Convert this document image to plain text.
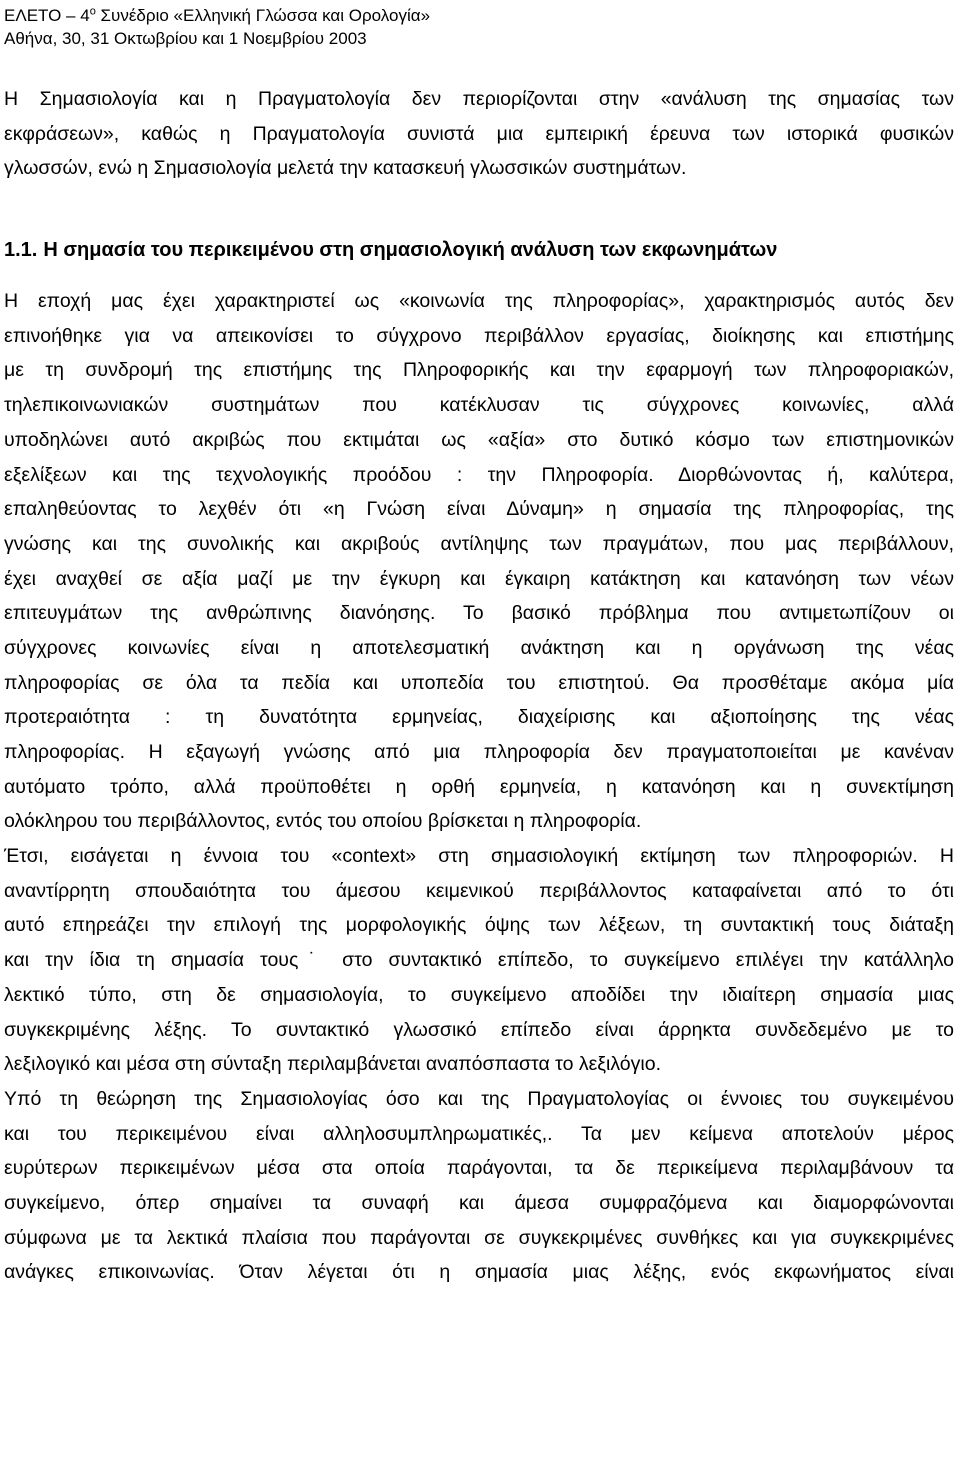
ΕΛΕΤΟ – $4^o$ Συνέδριο «Ελληνική Γλώσσα και Ορολογία»
Αθήνα, 30, 31 Οκτωβρίου και 1 Νοεμβρίου 2003
Η Σημασιολογία και η Πραγματολογία δεν περιορίζονται στην «ανάλυση της σημασίας των
εκφράσεων», καθώς η Πραγματολογία συνιστά μια εμπειρική έρευνα των ιστορικά φυσικών
γλωσσών, ενώ η Σημασιολογία μελετά την κατασκευή γλωσσικών συστημάτων.
1.1. Η σημασία του περικειμένου στη σημασιολογική ανάλυση των εκφωνημάτων
Η εποχή μας έχει χαρακτηριστεί ως «κοινωνία της πληροφορίας», χαρακτηρισμός αυτός δεν
επινοήθηκε για να απεικονίσει το σύγχρονο περιβάλλον εργασίας, διοίκησης και επιστήμης
με τη συνδρομή της επιστήμης της Πληροφορικής και την εφαρμογή των πληροφοριακών,
τηλεπικοινωνιακών συστημάτων που κατέκλυσαν τις σύγχρονες κοινωνίες, αλλά
υποδηλώνει αυτό ακριβώς που εκτιμάται ως «αξία» στο δυτικό κόσμο των επιστημονικών
εξελίξεων και της τεχνολογικής προόδου : την Πληροφορία. Διορθώνοντας ή, καλύτερα,
επαληθεύοντας το λεχθέν ότι «η Γνώση είναι Δύναμη» η σημασία της πληροφορίας, της
γνώσης και της συνολικής και ακριβούς αντίληψης των πραγμάτων, που μας περιβάλλουν,
έχει αναχθεί σε αξία μαζί με την έγκυρη και έγκαιρη κατάκτηση και κατανόηση των νέων
επιτευγμάτων της ανθρώπινης διανόησης. Το βασικό πρόβλημα που αντιμετωπίζουν οι
σύγχρονες κοινωνίες είναι η αποτελεσματική ανάκτηση και η οργάνωση της νέας
πληροφορίας σε όλα τα πεδία και υποπεδία του επιστητού. Θα προσθέταμε ακόμα μία
προτεραιότητα : τη δυνατότητα ερμηνείας, διαχείρισης και αξιοποίησης της νέας
πληροφορίας. Η εξαγωγή γνώσης από μια πληροφορία δεν πραγματοποιείται με κανέναν
αυτόματο τρόπο, αλλά προϋποθέτει η ορθή ερμηνεία, η κατανόηση και η συνεκτίμηση
ολόκληρου του περιβάλλοντος, εντός του οποίου βρίσκεται η πληροφορία.
Έτσι, εισάγεται η έννοια του «context» στη σημασιολογική εκτίμηση των πληροφοριών. Η
αναντίρρητη σπουδαιότητα του άμεσου κειμενικού περιβάλλοντος καταφαίνεται από το ότι
αυτό επηρεάζει την επιλογή της μορφολογικής όψης των λέξεων, τη συντακτική τους διάταξη
και την ίδια τη σημασία τους˙ στο συντακτικό επίπεδο, το συγκείμενο επιλέγει την κατάλληλο
λεκτικό τύπο, στη δε σημασιολογία, το συγκείμενο αποδίδει την ιδιαίτερη σημασία μιας
συγκεκριμένης λέξης. Το συντακτικό γλωσσικό επίπεδο είναι άρρηκτα συνδεδεμένο με το
λεξιλογικό και μέσα στη σύνταξη περιλαμβάνεται αναπόσπαστα το λεξιλόγιο.
Υπό τη θεώρηση της Σημασιολογίας όσο και της Πραγματολογίας οι έννοιες του συγκειμένου
και του περικειμένου είναι αλληλοσυμπληρωματικές,. Τα μεν κείμενα αποτελούν μέρος
ευρύτερων περικειμένων μέσα στα οποία παράγονται, τα δε περικείμενα περιλαμβάνουν τα
συγκείμενο, όπερ σημαίνει τα συναφή και άμεσα συμφραζόμενα και διαμορφώνονται
σύμφωνα με τα λεκτικά πλαίσια που παράγονται σε συγκεκριμένες συνθήκες και για συγκεκριμένες
ανάγκες επικοινωνίας. Όταν λέγεται ότι η σημασία μιας λέξης, ενός εκφωνήματος είναι
